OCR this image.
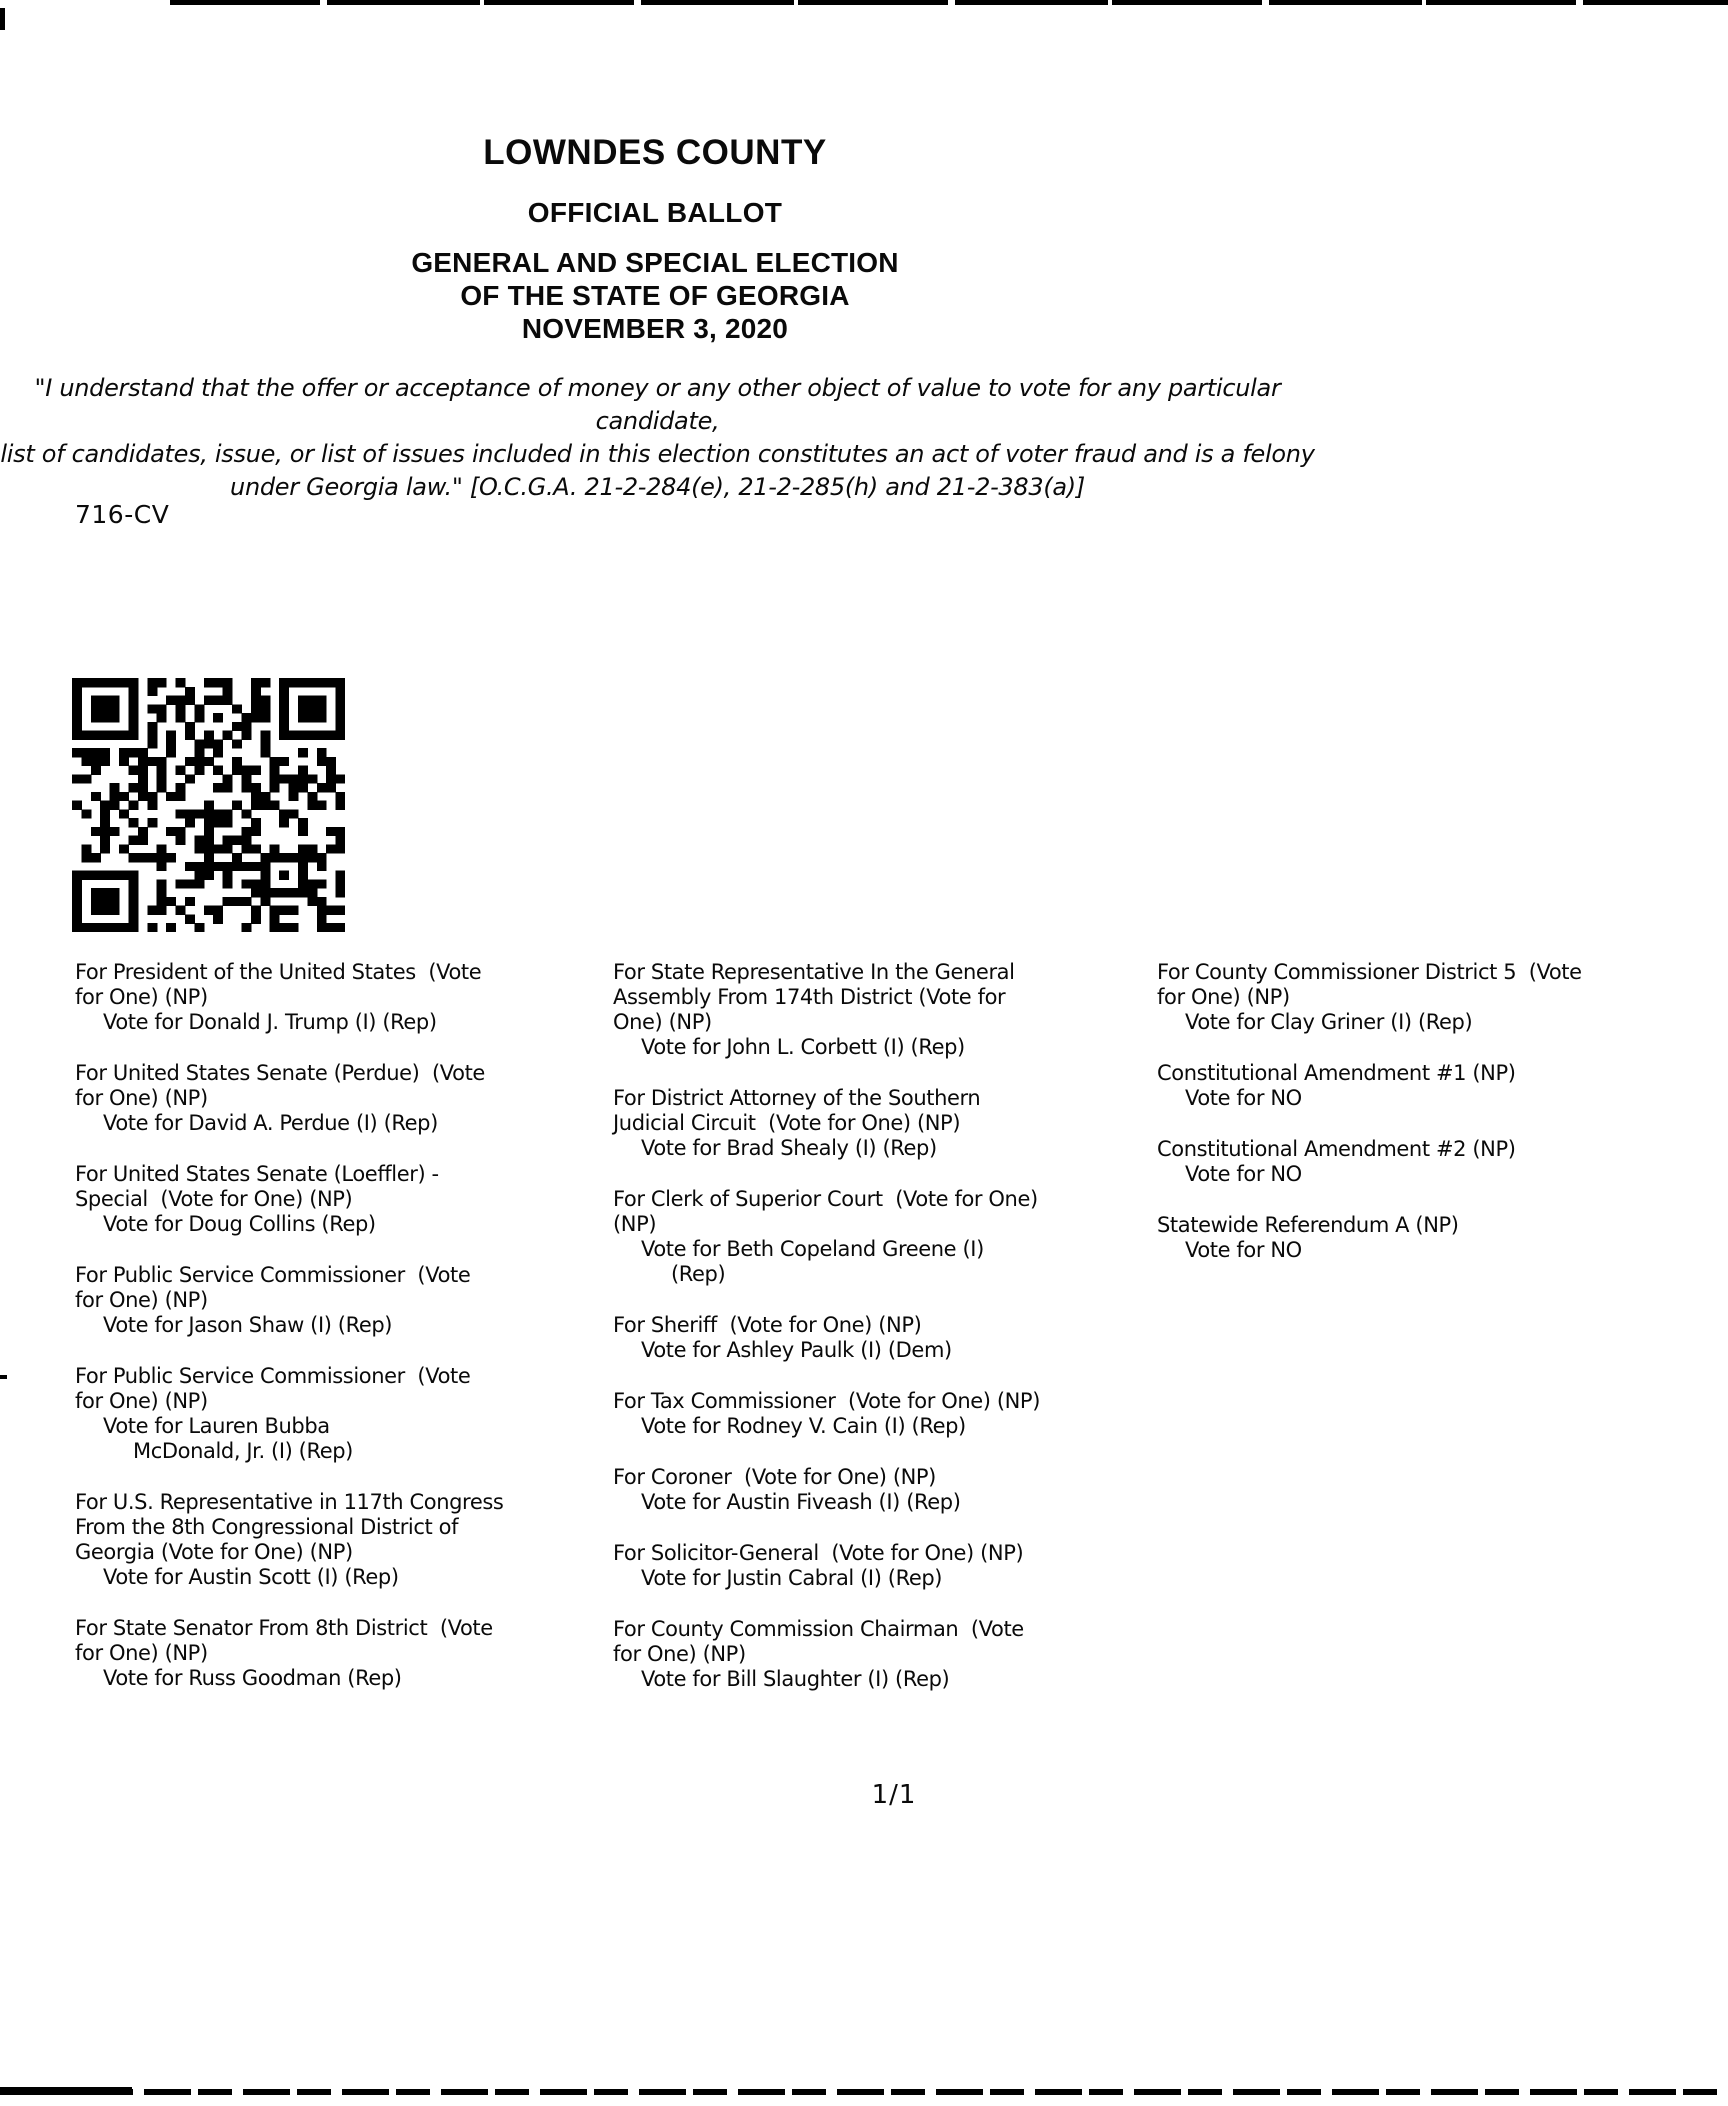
LOWNDES COUNTY
OFFICIAL BALLOT
GENERAL AND SPECIAL ELECTION
OF THE STATE OF GEORGIA
NOVEMBER 3, 2020
"I understand that the offer or acceptance of money or any other object of value to vote for any particular candidate,
list of candidates, issue, or list of issues included in this election constitutes an act of voter fraud and is a felony
under Georgia law." [O.C.G.A. 21-2-284(e), 21-2-285(h) and 21-2-383(a)]
716-CV
For President of the United States  (Vote
for One) (NP)
Vote for Donald J. Trump (I) (Rep)
For United States Senate (Perdue)  (Vote
for One) (NP)
Vote for David A. Perdue (I) (Rep)
For United States Senate (Loeffler) -
Special  (Vote for One) (NP)
Vote for Doug Collins (Rep)
For Public Service Commissioner  (Vote
for One) (NP)
Vote for Jason Shaw (I) (Rep)
For Public Service Commissioner  (Vote
for One) (NP)
Vote for Lauren Bubba
McDonald, Jr. (I) (Rep)
For U.S. Representative in 117th Congress
From the 8th Congressional District of
Georgia (Vote for One) (NP)
Vote for Austin Scott (I) (Rep)
For State Senator From 8th District  (Vote
for One) (NP)
Vote for Russ Goodman (Rep)
For State Representative In the General
Assembly From 174th District (Vote for
One) (NP)
Vote for John L. Corbett (I) (Rep)
For District Attorney of the Southern
Judicial Circuit  (Vote for One) (NP)
Vote for Brad Shealy (I) (Rep)
For Clerk of Superior Court  (Vote for One)
(NP)
Vote for Beth Copeland Greene (I)
(Rep)
For Sheriff  (Vote for One) (NP)
Vote for Ashley Paulk (I) (Dem)
For Tax Commissioner  (Vote for One) (NP)
Vote for Rodney V. Cain (I) (Rep)
For Coroner  (Vote for One) (NP)
Vote for Austin Fiveash (I) (Rep)
For Solicitor-General  (Vote for One) (NP)
Vote for Justin Cabral (I) (Rep)
For County Commission Chairman  (Vote
for One) (NP)
Vote for Bill Slaughter (I) (Rep)
For County Commissioner District 5  (Vote
for One) (NP)
Vote for Clay Griner (I) (Rep)
Constitutional Amendment #1 (NP)
Vote for NO
Constitutional Amendment #2 (NP)
Vote for NO
Statewide Referendum A (NP)
Vote for NO
1/1
